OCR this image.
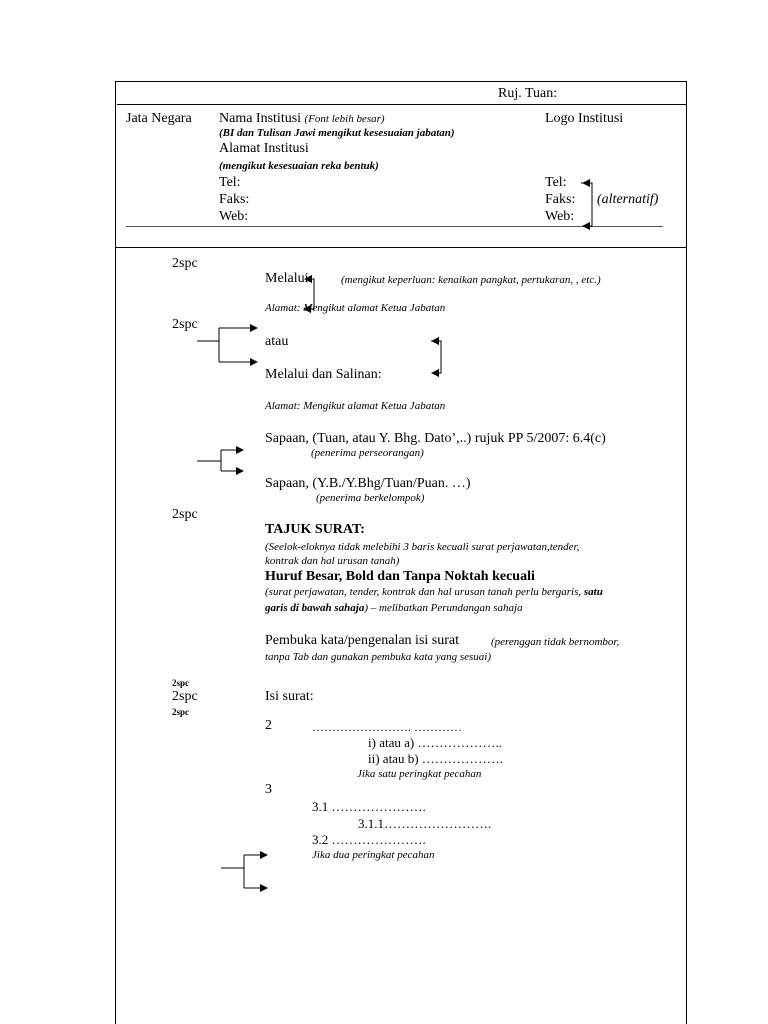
Ruj. Tuan:
Jata Negara Nama Institusi (Font lebih besar)
(BI dan Tulisan Jawi mengikut kesesuaian jabatan)
Alamat Institusi
(mengikut kesesuaian reka bentuk)
Tel:
Faks:
Web:
Logo Institusi
Tel:
Faks:
Web:
(alternatif)
2spc
Melalui	(mengikut keperluan: kenaikan pangkat, pertukaran, , etc.)
Alamat: Mengikut alamat Ketua Jabatan
2spc
atau
Melalui dan Salinan:
Alamat: Mengikut alamat Ketua Jabatan
Sapaan, (Tuan, atau Y. Bhg. Dato’,..) rujuk PP 5/2007: 6.4(c)
(penerima perseorangan)
Sapaan, (Y.B./Y.Bhg/Tuan/Puan. …)
(penerima berkelompok)
2spc
TAJUK SURAT:
(Seelok-eloknya tidak melebihi 3 baris kecuali surat perjawatan,tender,
kontrak dan hal urusan tanah)
Huruf Besar, Bold dan Tanpa Noktah kecuali
(surat perjawatan, tender, kontrak dan hal urusan tanah perlu bergaris, satu
garis di bawah sahaja) – melibatkan Perundangan sahaja
Pembuka kata/pengenalan isi surat	(perenggan tidak bernombor,
tanpa Tab dan gunakan pembuka kata yang sesuai)
2spc
2spc
2spc
Isi surat:
2	……………………. …………
i) atau a) ………………..
ii) atau b) ……………….
Jika satu peringkat pecahan
3
3.1 ………………….
3.1.1…………………….
3.2 ………………….
Jika dua peringkat pecahan
